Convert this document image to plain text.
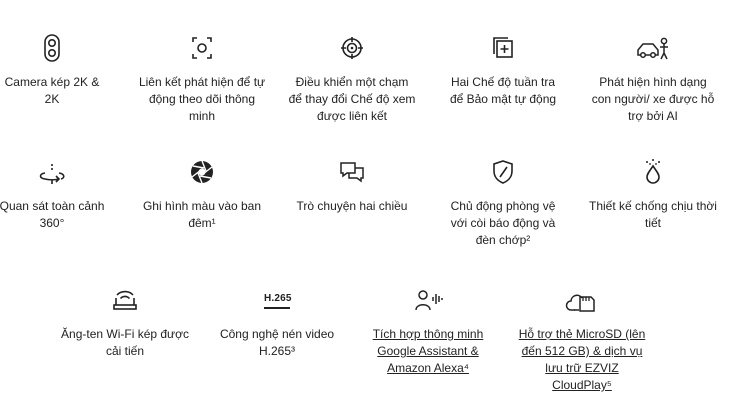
Camera kép 2K & 2K
Liên kết phát hiện để tự động theo dõi thông minh
Điều khiển một chạm để thay đổi Chế độ xem được liên kết
Hai Chế độ tuần tra để Bảo mật tự động
Phát hiện hình dạng con người/ xe được hỗ trợ bởi AI
Quan sát toàn cảnh 360°
Ghi hình màu vào ban đêm¹
Trò chuyện hai chiều	Chủ động phòng vệ với còi báo động và đèn chớp²
Thiết kế chống chịu thời tiết
Ăng-ten Wi-Fi kép được cải tiến
H.265
Công nghệ nén video H.265³
Tích hợp thông minh Google Assistant & Amazon Alexa⁴
Hỗ trợ thẻ MicroSD (lên đến 512 GB) & dịch vụ lưu trữ EZVIZ CloudPlay⁵
